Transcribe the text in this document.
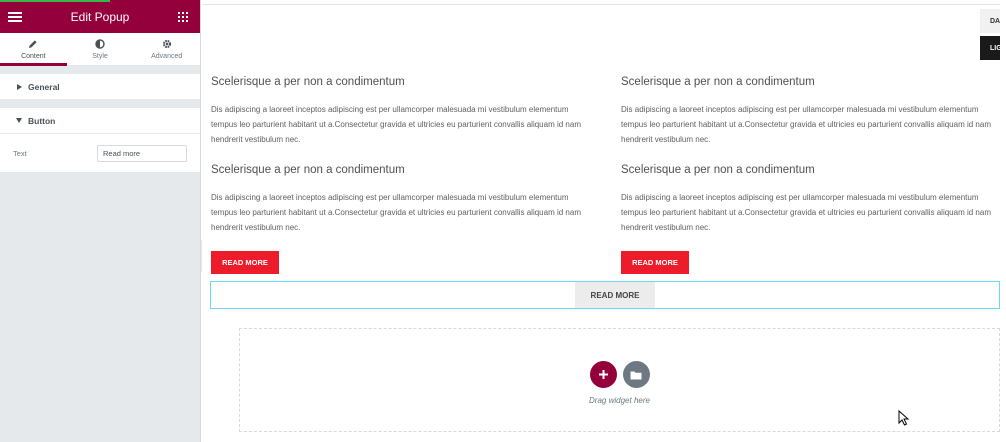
Edit Popup
Content	Style	Advanced
General
Button
Text
Read more
DA
LIG
Scelerisque a per non a condimentum
Dis adipiscing a laoreet inceptos adipiscing est per ullamcorper malesuada mi vestibulum elementum tempus leo parturient habitant ut a.Consectetur gravida et ultricies eu parturient convallis aliquam id nam hendrerit vestibulum nec.
Scelerisque a per non a condimentum
Dis adipiscing a laoreet inceptos adipiscing est per ullamcorper malesuada mi vestibulum elementum tempus leo parturient habitant ut a.Consectetur gravida et ultricies eu parturient convallis aliquam id nam hendrerit vestibulum nec.
Scelerisque a per non a condimentum
Dis adipiscing a laoreet inceptos adipiscing est per ullamcorper malesuada mi vestibulum elementum tempus leo parturient habitant ut a.Consectetur gravida et ultricies eu parturient convallis aliquam id nam hendrerit vestibulum nec.
Scelerisque a per non a condimentum
Dis adipiscing a laoreet inceptos adipiscing est per ullamcorper malesuada mi vestibulum elementum tempus leo parturient habitant ut a.Consectetur gravida et ultricies eu parturient convallis aliquam id nam hendrerit vestibulum nec.
READ MORE	READ MORE
READ MORE
Drag widget here
